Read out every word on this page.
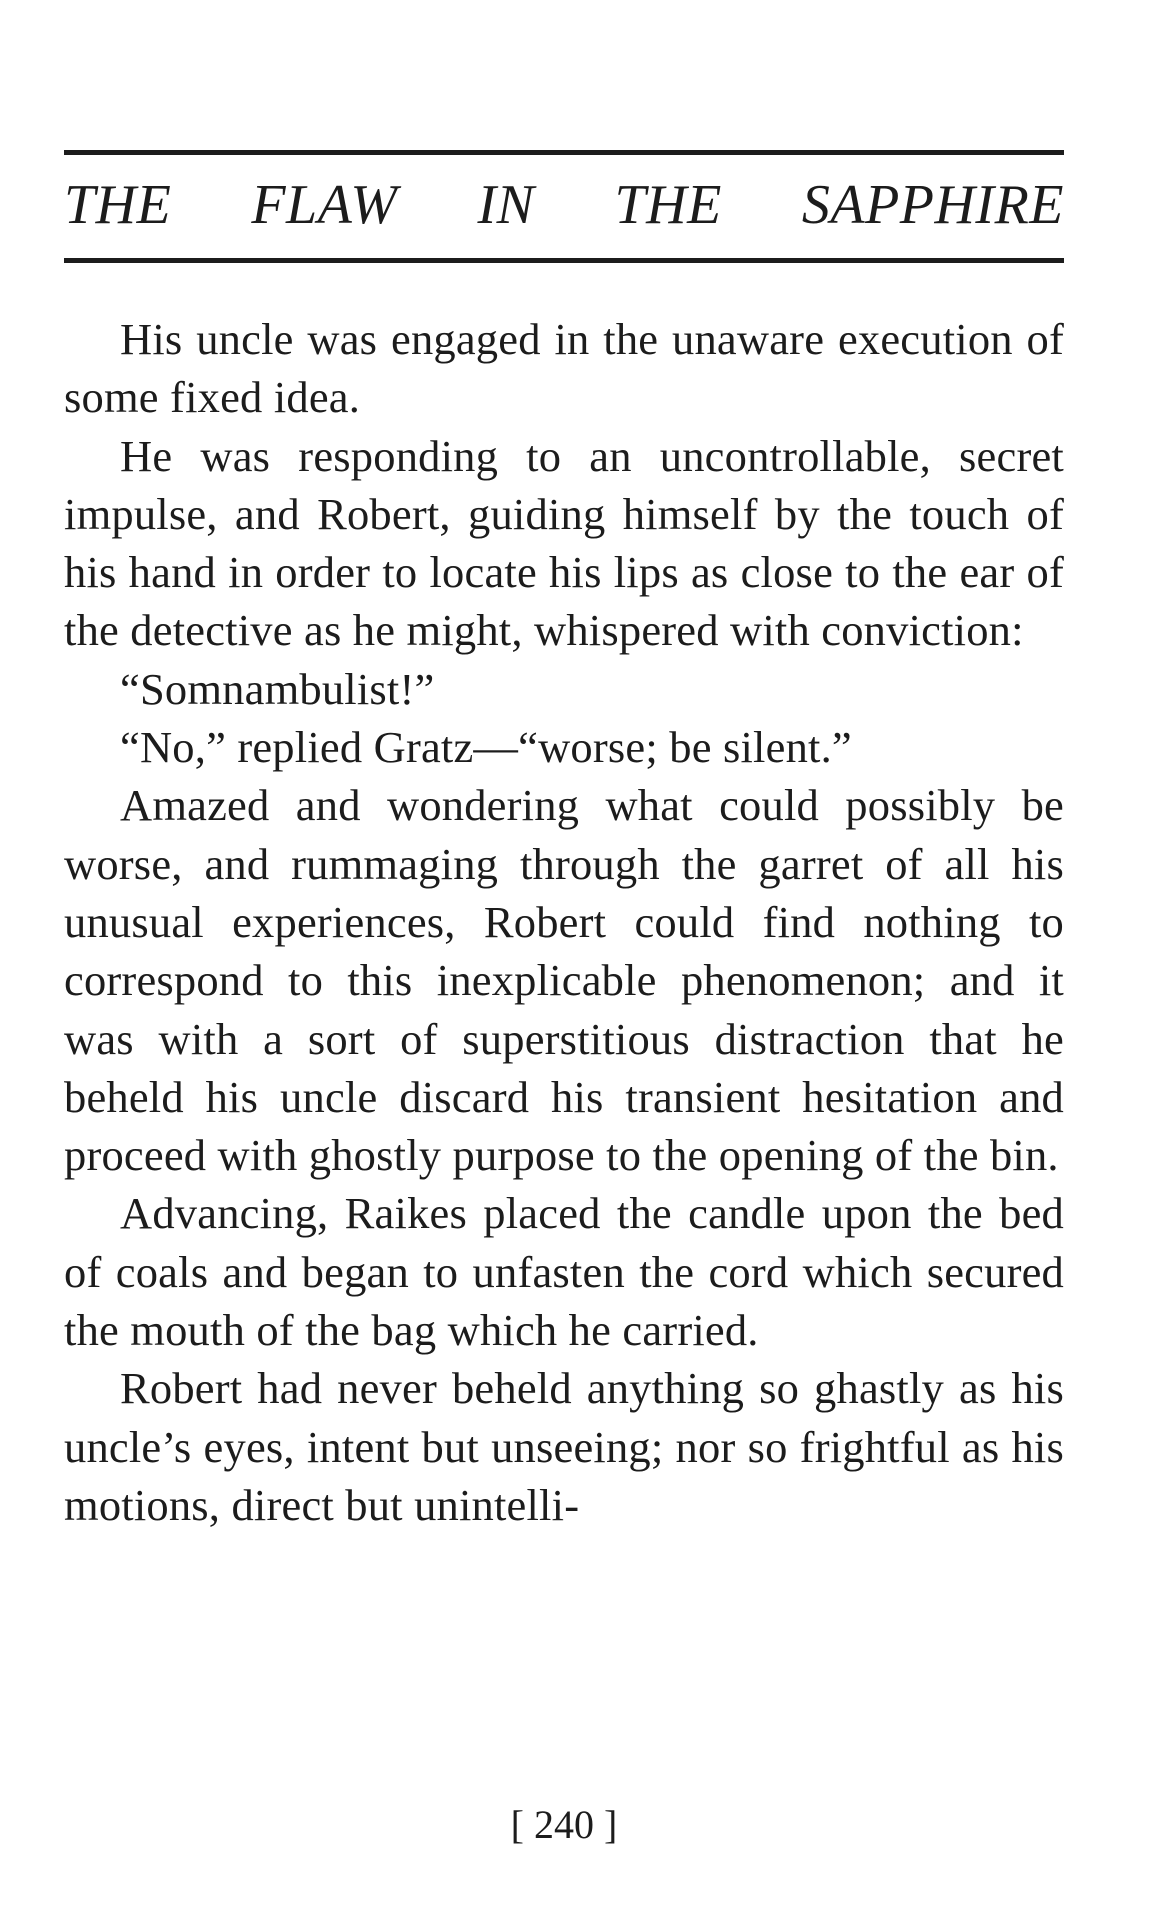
THE FLAW IN THE SAPPHIRE

His uncle was engaged in the unaware execution of some fixed idea.

He was responding to an uncontrollable, secret impulse, and Robert, guiding himself by the touch of his hand in order to locate his lips as close to the ear of the detective as he might, whispered with conviction:

“Somnambulist!”

“No,” replied Gratz—“worse; be silent.”

Amazed and wondering what could possibly be worse, and rummaging through the garret of all his unusual experiences, Robert could find nothing to correspond to this inexplicable phenomenon; and it was with a sort of superstitious distraction that he beheld his uncle discard his transient hesitation and proceed with ghostly purpose to the opening of the bin.

Advancing, Raikes placed the candle upon the bed of coals and began to unfasten the cord which secured the mouth of the bag which he carried.

Robert had never beheld anything so ghastly as his uncle’s eyes, intent but unseeing; nor so frightful as his motions, direct but unintelli-

[ 240 ]
